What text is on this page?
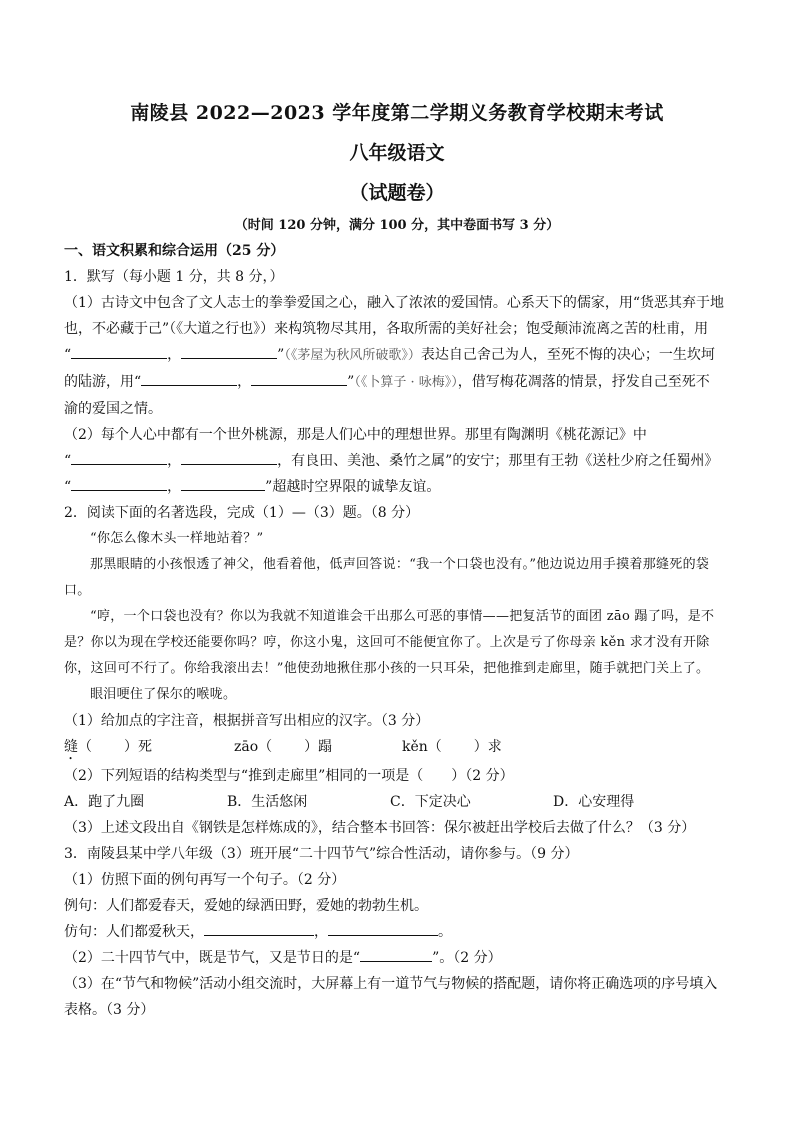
南陵县 2022—2023 学年度第二学期义务教育学校期末考试
八年级语文
（试题卷）
（时间 120 分钟，满分 100 分，其中卷面书写 3 分）

一、语文积累和综合运用（25 分）

1．默写（每小题 1 分，共 8 分，）

（1）古诗文中包含了文人志士的拳拳爱国之心，融入了浓浓的爱国情。心系天下的儒家，用“货恶其弃于地

也，不必藏于己”（《大道之行也》）来构筑物尽其用，各取所需的美好社会；饱受颠沛流离之苦的杜甫，用

“	，	”（《茅屋为秋风所破歌》）表达自己舍己为人，至死不悔的决心；一生坎坷

的陆游，用“	，	”（《卜算子 · 咏梅》），借写梅花凋落的情景，抒发自己至死不

渝的爱国之情。

（2）每个人心中都有一个世外桃源，那是人们心中的理想世界。那里有陶渊明《桃花源记》中

“	，	，有良田、美池、桑竹之属”的安宁；那里有王勃《送杜少府之任蜀州》

“	，	”超越时空界限的诚挚友谊。

2．阅读下面的名著选段，完成（1）—（3）题。（8 分）

“你怎么像木头一样地站着？”

那黑眼睛的小孩恨透了神父，他看着他，低声回答说：“我一个口袋也没有。”他边说边用手摸着那缝死的袋口。

“哼，一个口袋也没有？你以为我就不知道谁会干出那么可恶的事情——把复活节的面团 zāo 蹋了吗，是不是？你以为现在学校还能要你吗？哼，你这小鬼，这回可不能便宜你了。上次是亏了你母亲 kěn 求才没有开除你，这回可不行了。你给我滚出去！”他使劲地揪住那小孩的一只耳朵，把他推到走廊里，随手就把门关上了。

眼泪哽住了保尔的喉咙。

（1）给加点的字注音，根据拼音写出相应的汉字。（3 分）

缝（ ）死	zāo（ ）蹋	kěn（ ）求

（2）下列短语的结构类型与“推到走廊里”相同的一项是（　　）（2 分）

A．跑了九圈	B．生活悠闲	C．下定决心	D．心安理得

（3）上述文段出自《钢铁是怎样炼成的》，结合整本书回答：保尔被赶出学校后去做了什么？（3 分）

3．南陵县某中学八年级（3）班开展“二十四节气”综合性活动，请你参与。（9 分）

（1）仿照下面的例句再写一个句子。（2 分）

例句：人们都爱春天，爱她的绿洒田野，爱她的勃勃生机。

仿句：人们都爱秋天，	，	。

（2）二十四节气中，既是节气，又是节日的是“	”。（2 分）

（3）在“节气和物候”活动小组交流时，大屏幕上有一道节气与物候的搭配题，请你将正确选项的序号填入

表格。（3 分）
